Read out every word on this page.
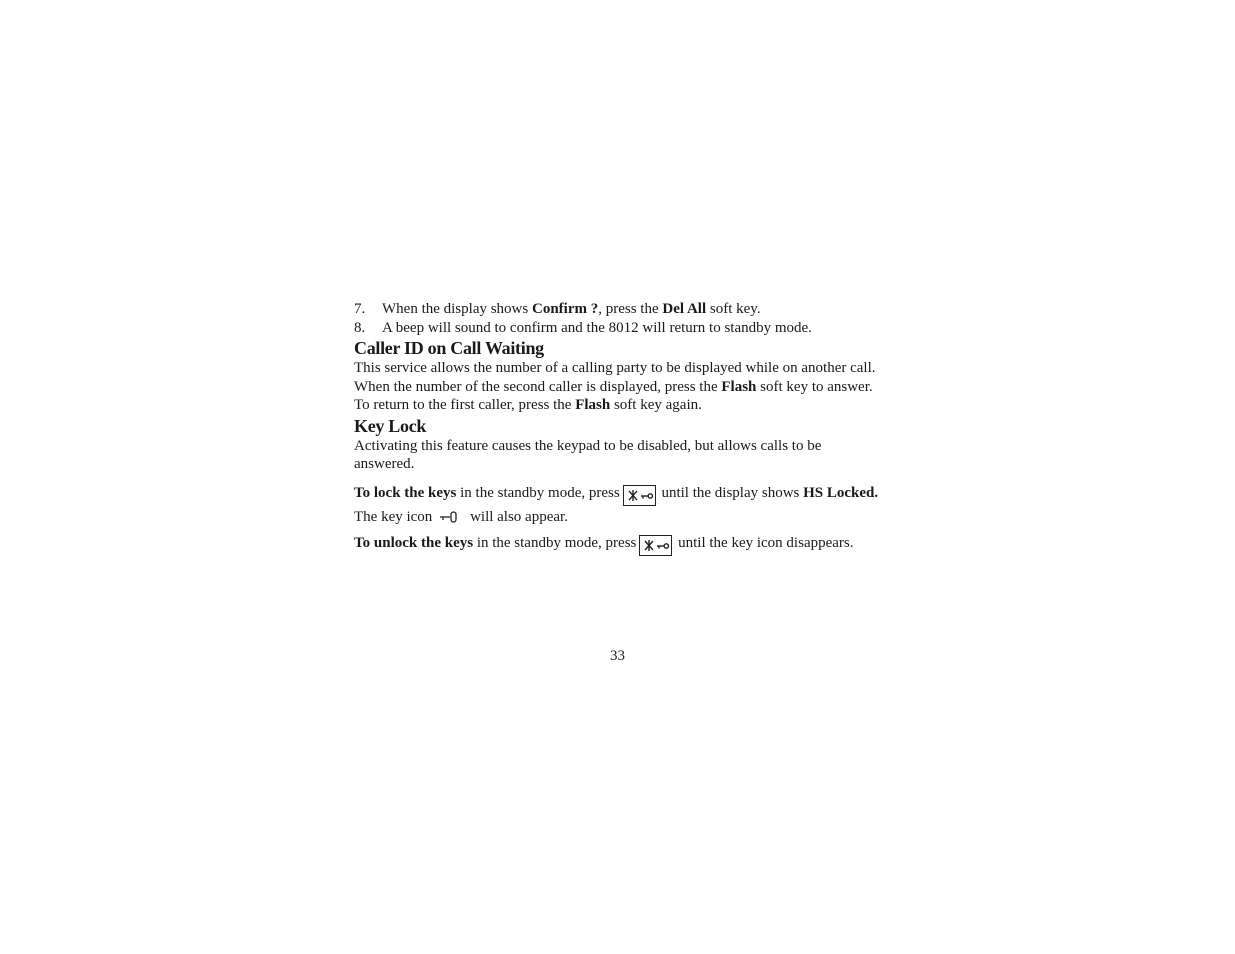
7. When the display shows Confirm ?, press the Del All soft key.
8. A beep will sound to confirm and the 8012 will return to standby mode.
Caller ID on Call Waiting

This service allows the number of a calling party to be displayed while on another call. When the number of the second caller is displayed, press the Flash soft key to answer. To return to the first caller, press the Flash soft key again.

Key Lock

Activating this feature causes the keypad to be disabled, but allows calls to be answered.

To lock the keys in the standby mode, press	until the display shows HS Locked. The key icon will also appear.

To unlock the keys in the standby mode, press	until the key icon disappears.

33
